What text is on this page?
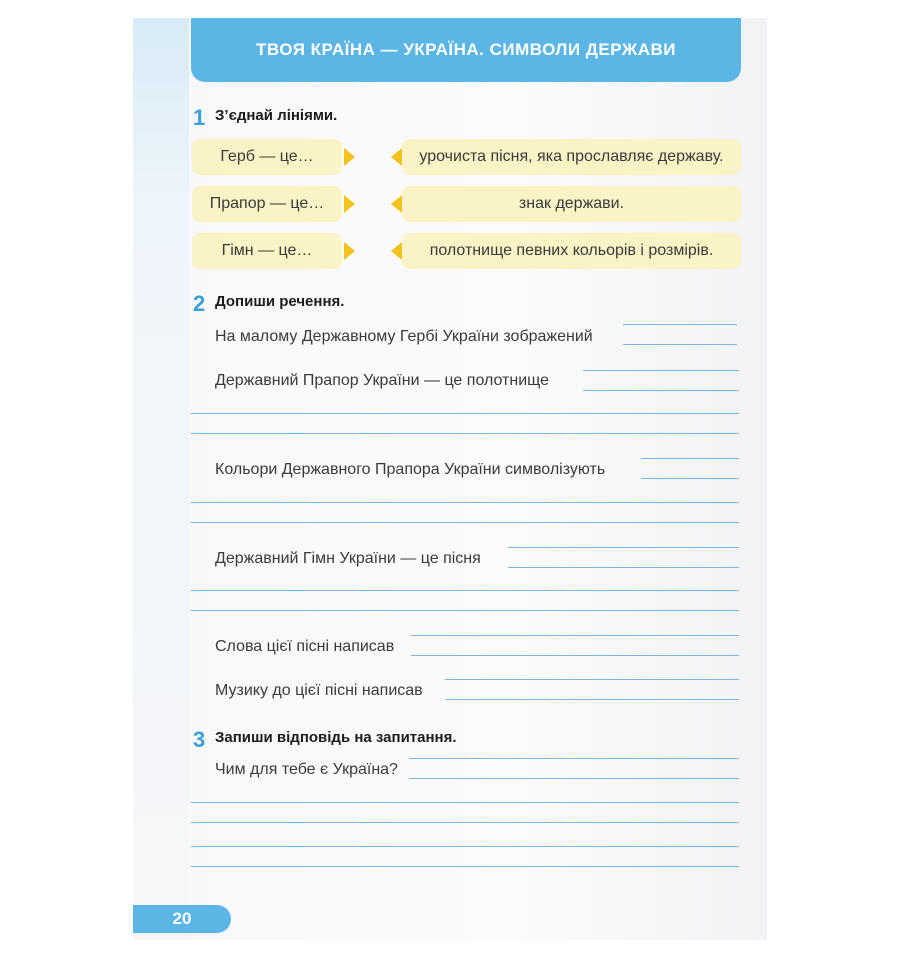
ТВОЯ КРАЇНА — УКРАЇНА. СИМВОЛИ ДЕРЖАВИ
1 З’єднай лініями.
Герб — це…
Прапор — це…
Гімн — це…
урочиста пісня, яка прославляє державу.
знак держави.
полотнище певних кольорів і розмірів.
2 Допиши речення.
На малому Державному Гербі України зображений
Державний Прапор України — це полотнище
Кольори Державного Прапора України символізують
Державний Гімн України — це пісня
Слова цієї пісні написав
Музику до цієї пісні написав
3 Запиши відповідь на запитання.
Чим для тебе є Україна?
20
